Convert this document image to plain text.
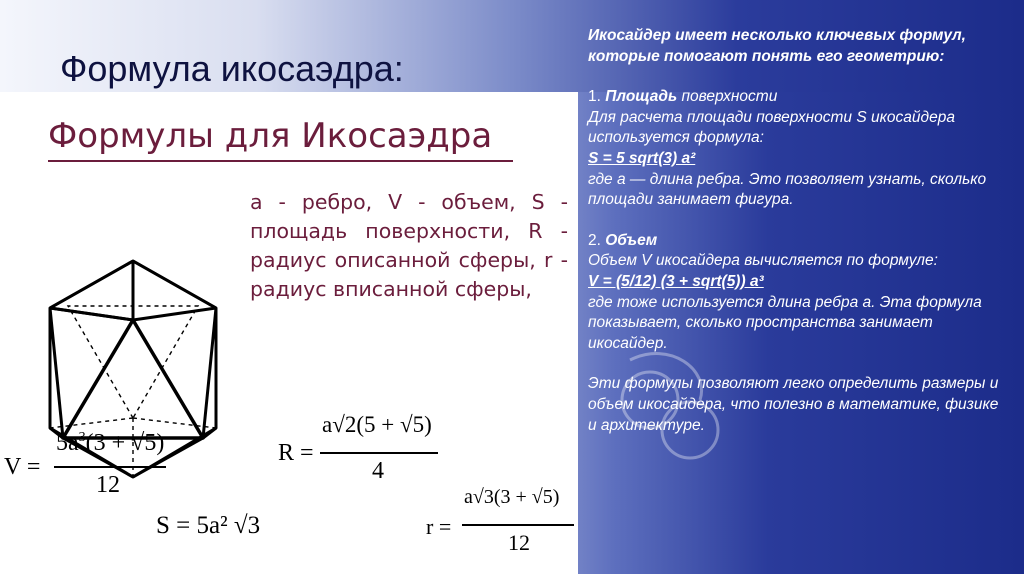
Формула икосаэдра:
Формулы для Икосаэдра
а - ребро, V - объем, S - площадь поверхности, R - радиус описанной сферы, r - радиус вписанной сферы,
V =
$5a^3(3 + √5)$
12
R =
a√2(5 + √5)
4
S = 5a² √3	r =
a√3(3 + √5)
12

Икосайдер имеет несколько ключевых формул, которые помогают понять его геометрию:

1. Площадь поверхности

Для расчета площади поверхности S икосайдера используется формула:

S = 5 sqrt(3) a²

где a — длина ребра. Это позволяет узнать, сколько площади занимает фигура.

2. Объем

Объем V икосайдера вычисляется по формуле:

V = (5/12) (3 + sqrt(5)) a³

где тоже используется длина ребра a. Эта формула показывает, сколько пространства занимает икосайдер.

Эти формулы позволяют легко определить размеры и объем икосайдера, что полезно в математике, физике и архитектуре.
